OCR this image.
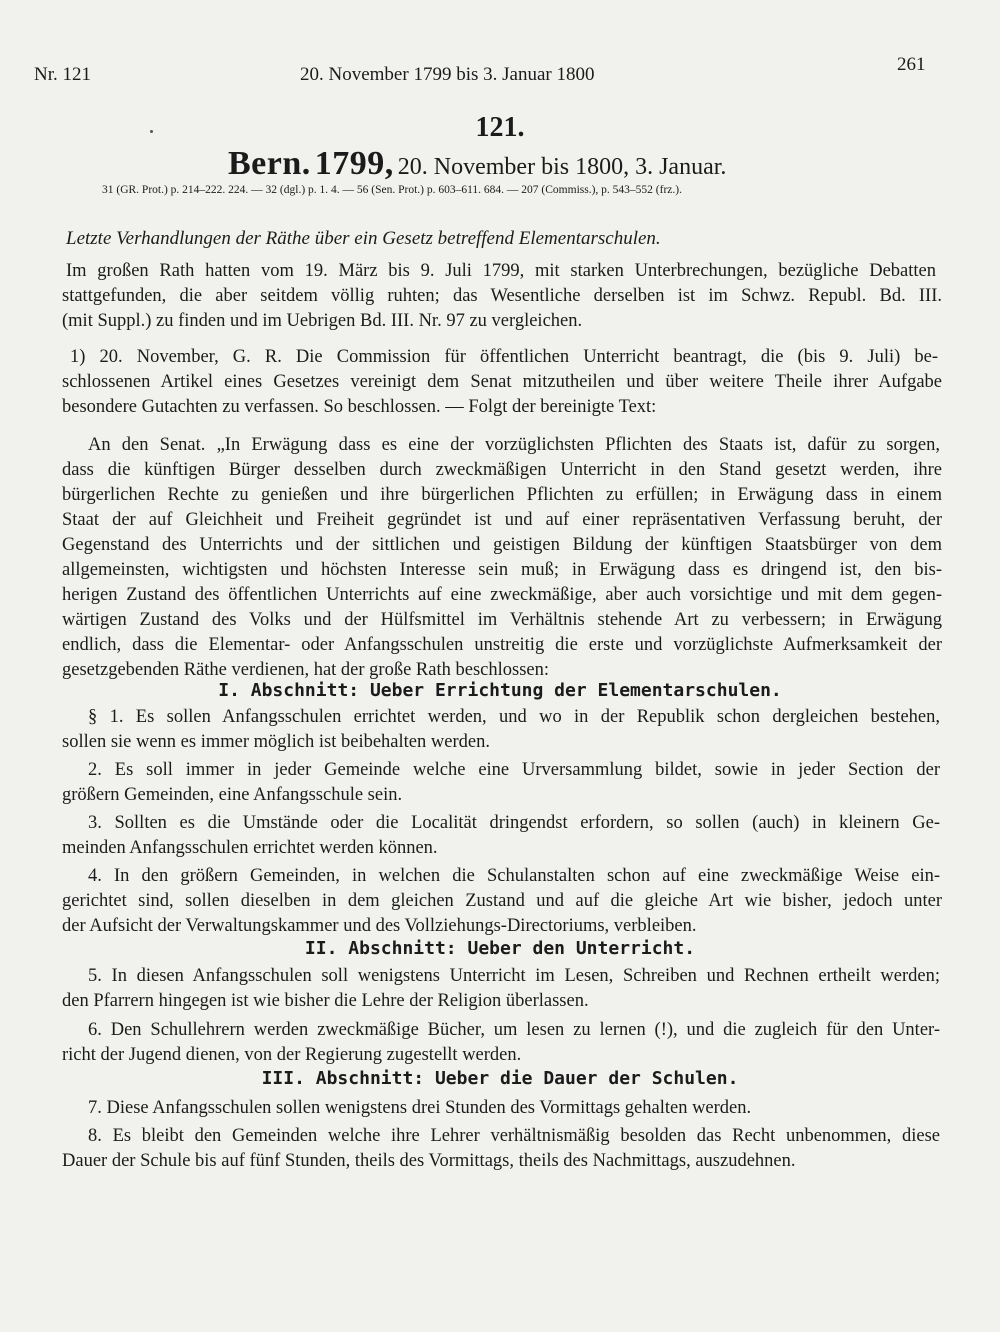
Nr. 121	20. November 1799 bis 3. Januar 1800	261
121.
Bern. 1799, 20. November bis 1800, 3. Januar.
31 (GR. Prot.) p. 214–222. 224. — 32 (dgl.) p. 1. 4. — 56 (Sen. Prot.) p. 603–611. 684. — 207 (Commiss.), p. 543–552 (frz.).
Letzte Verhandlungen der Räthe über ein Gesetz betreffend Elementarschulen.
Im großen Rath hatten vom 19. März bis 9. Juli 1799, mit starken Unterbrechungen, bezügliche Debatten
stattgefunden, die aber seitdem völlig ruhten; das Wesentliche derselben ist im Schwz. Republ. Bd. III.
(mit Suppl.) zu finden und im Uebrigen Bd. III. Nr. 97 zu vergleichen.
1) 20. November, G. R. Die Commission für öffentlichen Unterricht beantragt, die (bis 9. Juli) be-
schlossenen Artikel eines Gesetzes vereinigt dem Senat mitzutheilen und über weitere Theile ihrer Aufgabe
besondere Gutachten zu verfassen. So beschlossen. — Folgt der bereinigte Text:
An den Senat. „In Erwägung dass es eine der vorzüglichsten Pflichten des Staats ist, dafür zu sorgen,
dass die künftigen Bürger desselben durch zweckmäßigen Unterricht in den Stand gesetzt werden, ihre
bürgerlichen Rechte zu genießen und ihre bürgerlichen Pflichten zu erfüllen; in Erwägung dass in einem
Staat der auf Gleichheit und Freiheit gegründet ist und auf einer repräsentativen Verfassung beruht, der
Gegenstand des Unterrichts und der sittlichen und geistigen Bildung der künftigen Staatsbürger von dem
allgemeinsten, wichtigsten und höchsten Interesse sein muß; in Erwägung dass es dringend ist, den bis-
herigen Zustand des öffentlichen Unterrichts auf eine zweckmäßige, aber auch vorsichtige und mit dem gegen-
wärtigen Zustand des Volks und der Hülfsmittel im Verhältnis stehende Art zu verbessern; in Erwägung
endlich, dass die Elementar- oder Anfangsschulen unstreitig die erste und vorzüglichste Aufmerksamkeit der
gesetzgebenden Räthe verdienen, hat der große Rath beschlossen:
I. Abschnitt: Ueber Errichtung der Elementarschulen.
§ 1. Es sollen Anfangsschulen errichtet werden, und wo in der Republik schon dergleichen bestehen,
sollen sie wenn es immer möglich ist beibehalten werden.
2. Es soll immer in jeder Gemeinde welche eine Urversammlung bildet, sowie in jeder Section der
größern Gemeinden, eine Anfangsschule sein.
3. Sollten es die Umstände oder die Localität dringendst erfordern, so sollen (auch) in kleinern Ge-
meinden Anfangsschulen errichtet werden können.
4. In den größern Gemeinden, in welchen die Schulanstalten schon auf eine zweckmäßige Weise ein-
gerichtet sind, sollen dieselben in dem gleichen Zustand und auf die gleiche Art wie bisher, jedoch unter
der Aufsicht der Verwaltungskammer und des Vollziehungs-Directoriums, verbleiben.
II. Abschnitt: Ueber den Unterricht.
5. In diesen Anfangsschulen soll wenigstens Unterricht im Lesen, Schreiben und Rechnen ertheilt werden;
den Pfarrern hingegen ist wie bisher die Lehre der Religion überlassen.
6. Den Schullehrern werden zweckmäßige Bücher, um lesen zu lernen (!), und die zugleich für den Unter-
richt der Jugend dienen, von der Regierung zugestellt werden.
III. Abschnitt: Ueber die Dauer der Schulen.
7. Diese Anfangsschulen sollen wenigstens drei Stunden des Vormittags gehalten werden.
8. Es bleibt den Gemeinden welche ihre Lehrer verhältnismäßig besolden das Recht unbenommen, diese
Dauer der Schule bis auf fünf Stunden, theils des Vormittags, theils des Nachmittags, auszudehnen.
